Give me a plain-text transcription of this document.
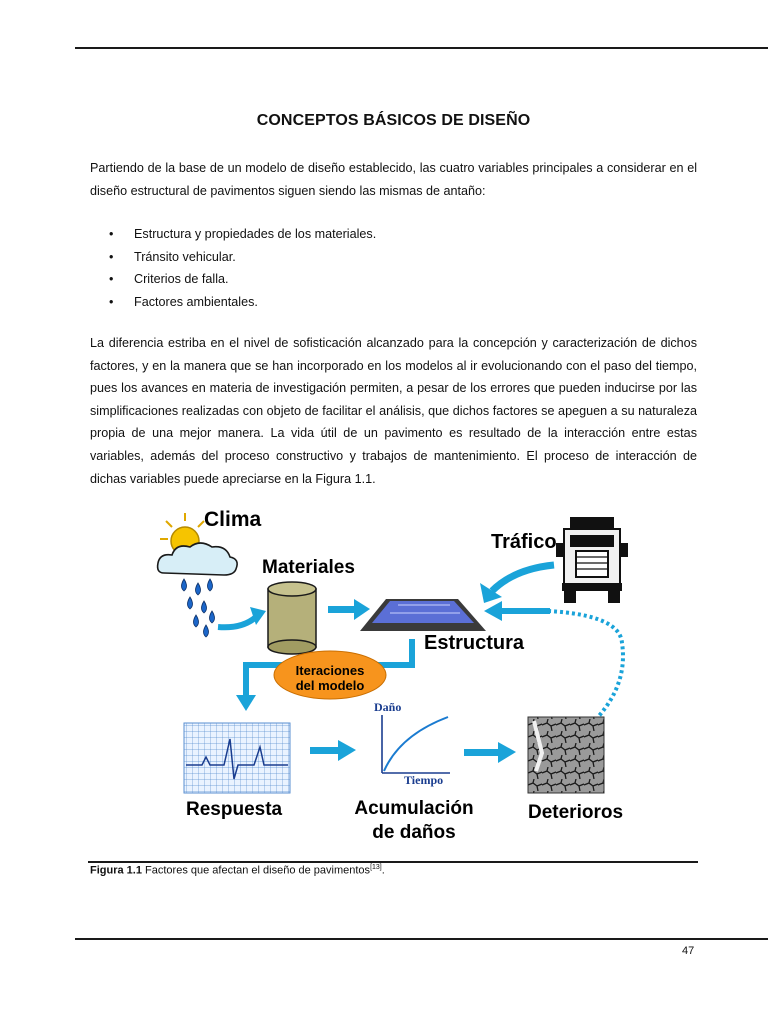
CONCEPTOS BÁSICOS DE DISEÑO

Partiendo de la base de un modelo de diseño establecido, las cuatro variables principales a considerar en el diseño estructural de pavimentos siguen siendo las mismas de antaño:

• Estructura y propiedades de los materiales.
• Tránsito vehicular.
• Criterios de falla.
• Factores ambientales.

La diferencia estriba en el nivel de sofisticación alcanzado para la concepción y caracterización de dichos factores, y en la manera que se han incorporado en los modelos al ir evolucionando con el paso del tiempo, pues los avances en materia de investigación permiten, a pesar de los errores que pueden inducirse por las simplificaciones realizadas con objeto de facilitar el análisis, que dichos factores se apeguen a su naturaleza propia de una mejor manera. La vida útil de un pavimento es resultado de la interacción entre estas variables, además del proceso constructivo y trabajos de mantenimiento. El proceso de interacción de dichas variables puede apreciarse en la Figura 1.1.

Clima
Materiales
Tráfico
Estructura
Iteraciones
del modelo
Respuesta	Acumulación
de daños
Deterioros
Daño
Tiempo
Figura 1.1 Factores que afectan el diseño de pavimentos[13].
47
